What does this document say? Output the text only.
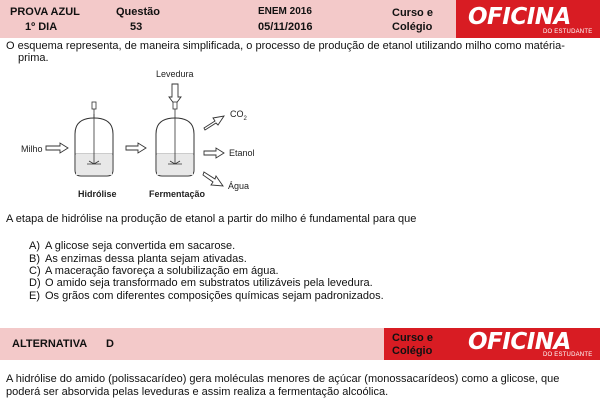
PROVA AZUL
1º DIA
Questão
53
ENEM 2016
05/11/2016
Curso e
Colégio OFICINA
DO ESTUDANTE
O esquema representa, de maneira simplificada, o processo de produção de etanol utilizando milho como matéria-
prima.
Milho
Hidrólise
Levedura
Fermentação
$CO_2$
Etanol
Água
A etapa de hidrólise na produção de etanol a partir do milho é fundamental para que
A) A glicose seja convertida em sacarose.
B) As enzimas dessa planta sejam ativadas.
C) A maceração favoreça a solubilização em água.
D) O amido seja transformado em substratos utilizáveis pela levedura.
E) Os grãos com diferentes composições químicas sejam padronizados.
ALTERNATIVA D	Curso e
Colégio OFICINA
DO ESTUDANTE
A hidrólise do amido (polissacarídeo) gera moléculas menores de açúcar (monossacarídeos) como a glicose, que
poderá ser absorvida pelas leveduras e assim realiza a fermentação alcoólica.
